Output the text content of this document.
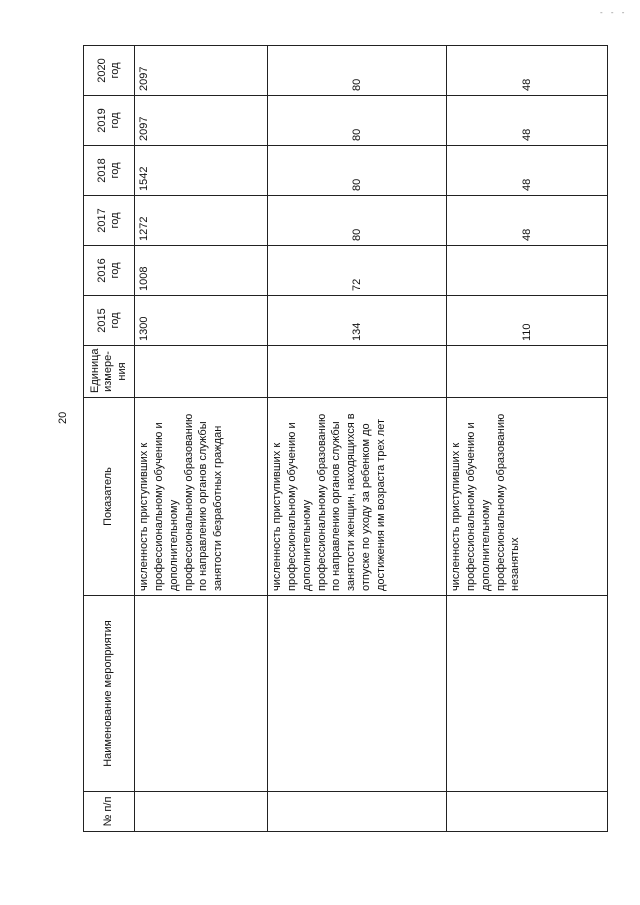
20
- - -
№ п/п	Наименование мероприятия	Показатель	Единица измере-ния	2015 год	2016 год	2017 год	2018 год	2019 год	2020 год
		численность приступивших к профессиональному обучению и дополнительному профессиональному образованию по направлению органов службы занятости безработных граждан		1300	1008	1272	1542	2097	2097
		численность приступивших к профессиональному обучению и дополнительному профессиональному образованию по направлению органов службы занятости женщин, находящихся в отпуске по уходу за ребенком до достижения им возраста трех лет		134	72	80	80	80	80
		численность приступивших к профессиональному обучению и дополнительному профессиональному образованию незанятых		110		48	48	48	48
